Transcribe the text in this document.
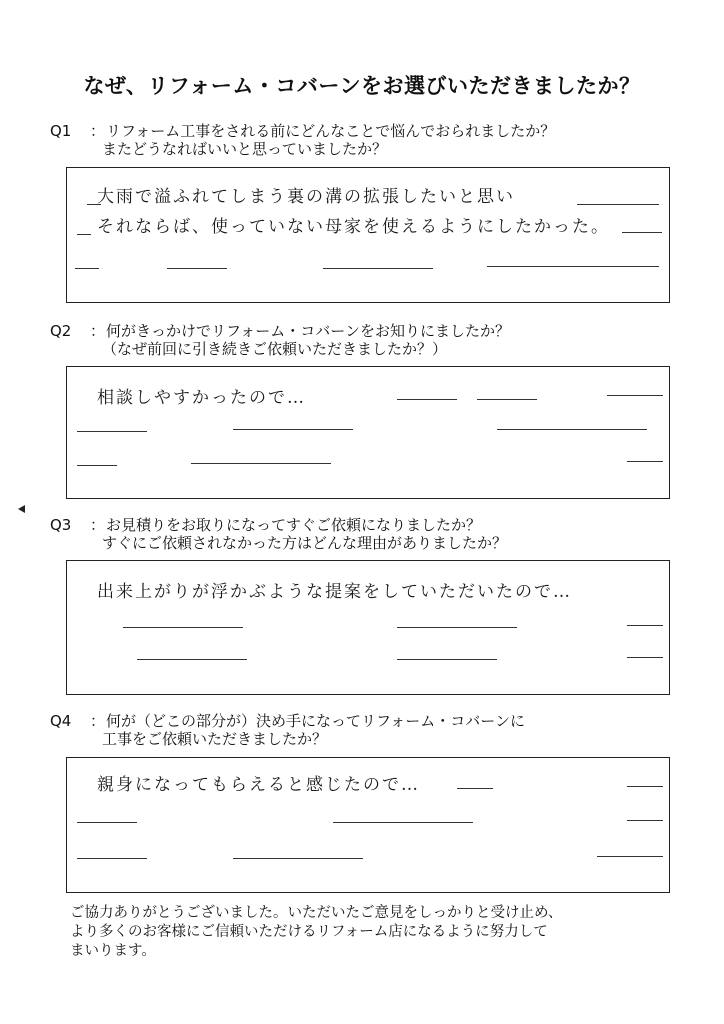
なぜ、リフォーム・コバーンをお選びいただきましたか？
Q1 ：リフォーム工事をされる前にどんなことで悩んでおられましたか？
またどうなればいいと思っていましたか？
大雨で溢ふれてしまう裏の溝の拡張したいと思い
それならば、使っていない母家を使えるようにしたかった。
Q2 ：何がきっかけでリフォーム・コバーンをお知りにましたか？
（なぜ前回に引き続きご依頼いただきましたか？）
相談しやすかったので…
Q3 ：お見積りをお取りになってすぐご依頼になりましたか？
すぐにご依頼されなかった方はどんな理由がありましたか？
出来上がりが浮かぶような提案をしていただいたので…
Q4 ：何が（どこの部分が）決め手になってリフォーム・コバーンに
工事をご依頼いただきましたか？
親身になってもらえると感じたので…
ご協力ありがとうございました。いただいたご意見をしっかりと受け止め、
より多くのお客様にご信頼いただけるリフォーム店になるように努力して
まいります。
